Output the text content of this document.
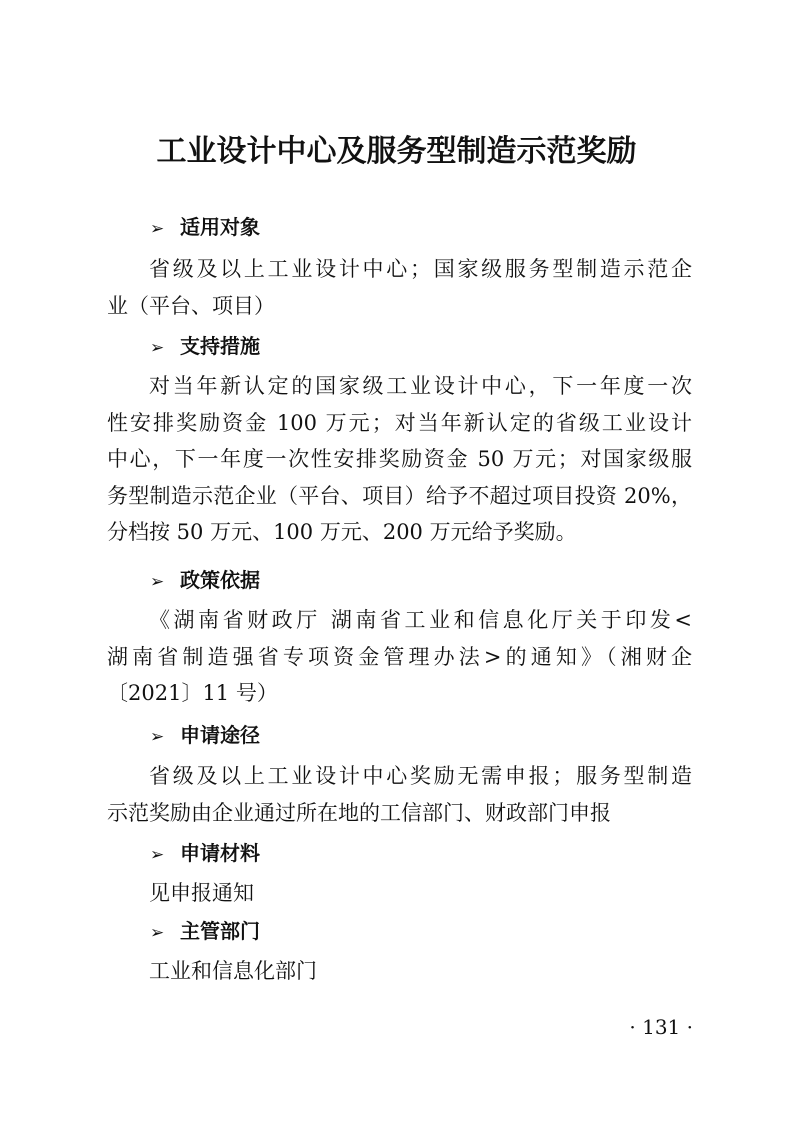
工业设计中心及服务型制造示范奖励
➢ 适用对象
省级及以上工业设计中心；国家级服务型制造示范企
业（平台、项目）
➢ 支持措施
对当年新认定的国家级工业设计中心，下一年度一次
性安排奖励资金 100 万元；对当年新认定的省级工业设计
中心，下一年度一次性安排奖励资金 50 万元；对国家级服
务型制造示范企业（平台、项目）给予不超过项目投资 20%，
分档按 50 万元、100 万元、200 万元给予奖励。
➢ 政策依据
《湖南省财政厅 湖南省工业和信息化厅关于印发<
湖南省制造强省专项资金管理办法>的通知》（湘财企
〔2021〕11 号）
➢ 申请途径
省级及以上工业设计中心奖励无需申报；服务型制造
示范奖励由企业通过所在地的工信部门、财政部门申报
➢ 申请材料
见申报通知
➢ 主管部门
工业和信息化部门
· 131 ·
